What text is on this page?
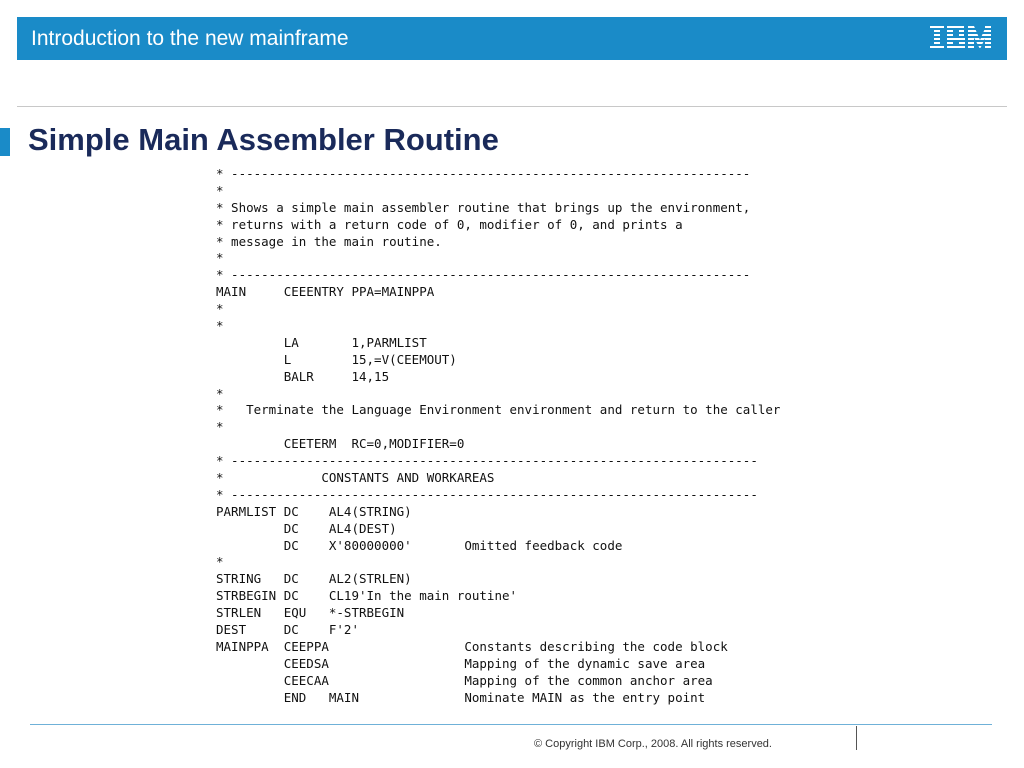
Introduction to the new mainframe
Simple Main Assembler Routine
* ---------------------------------------------------------------------
*
* Shows a simple main assembler routine that brings up the environment,
* returns with a return code of 0, modifier of 0, and prints a
* message in the main routine.
*
* ---------------------------------------------------------------------
MAIN     CEEENTRY PPA=MAINPPA
*
*
LA       1,PARMLIST
L        15,=V(CEEMOUT)
BALR     14,15
*
*   Terminate the Language Environment environment and return to the caller
*
CEETERM  RC=0,MODIFIER=0
* ----------------------------------------------------------------------
*             CONSTANTS AND WORKAREAS
* ----------------------------------------------------------------------
PARMLIST DC    AL4(STRING)
DC    AL4(DEST)
DC    X'80000000'       Omitted feedback code
*
STRING   DC    AL2(STRLEN)
STRBEGIN DC    CL19'In the main routine'
STRLEN   EQU   *-STRBEGIN
DEST     DC    F'2'
MAINPPA  CEEPPA                  Constants describing the code block
CEEDSA                  Mapping of the dynamic save area
CEECAA                  Mapping of the common anchor area
END   MAIN              Nominate MAIN as the entry point
© Copyright IBM Corp., 2008. All rights reserved.
